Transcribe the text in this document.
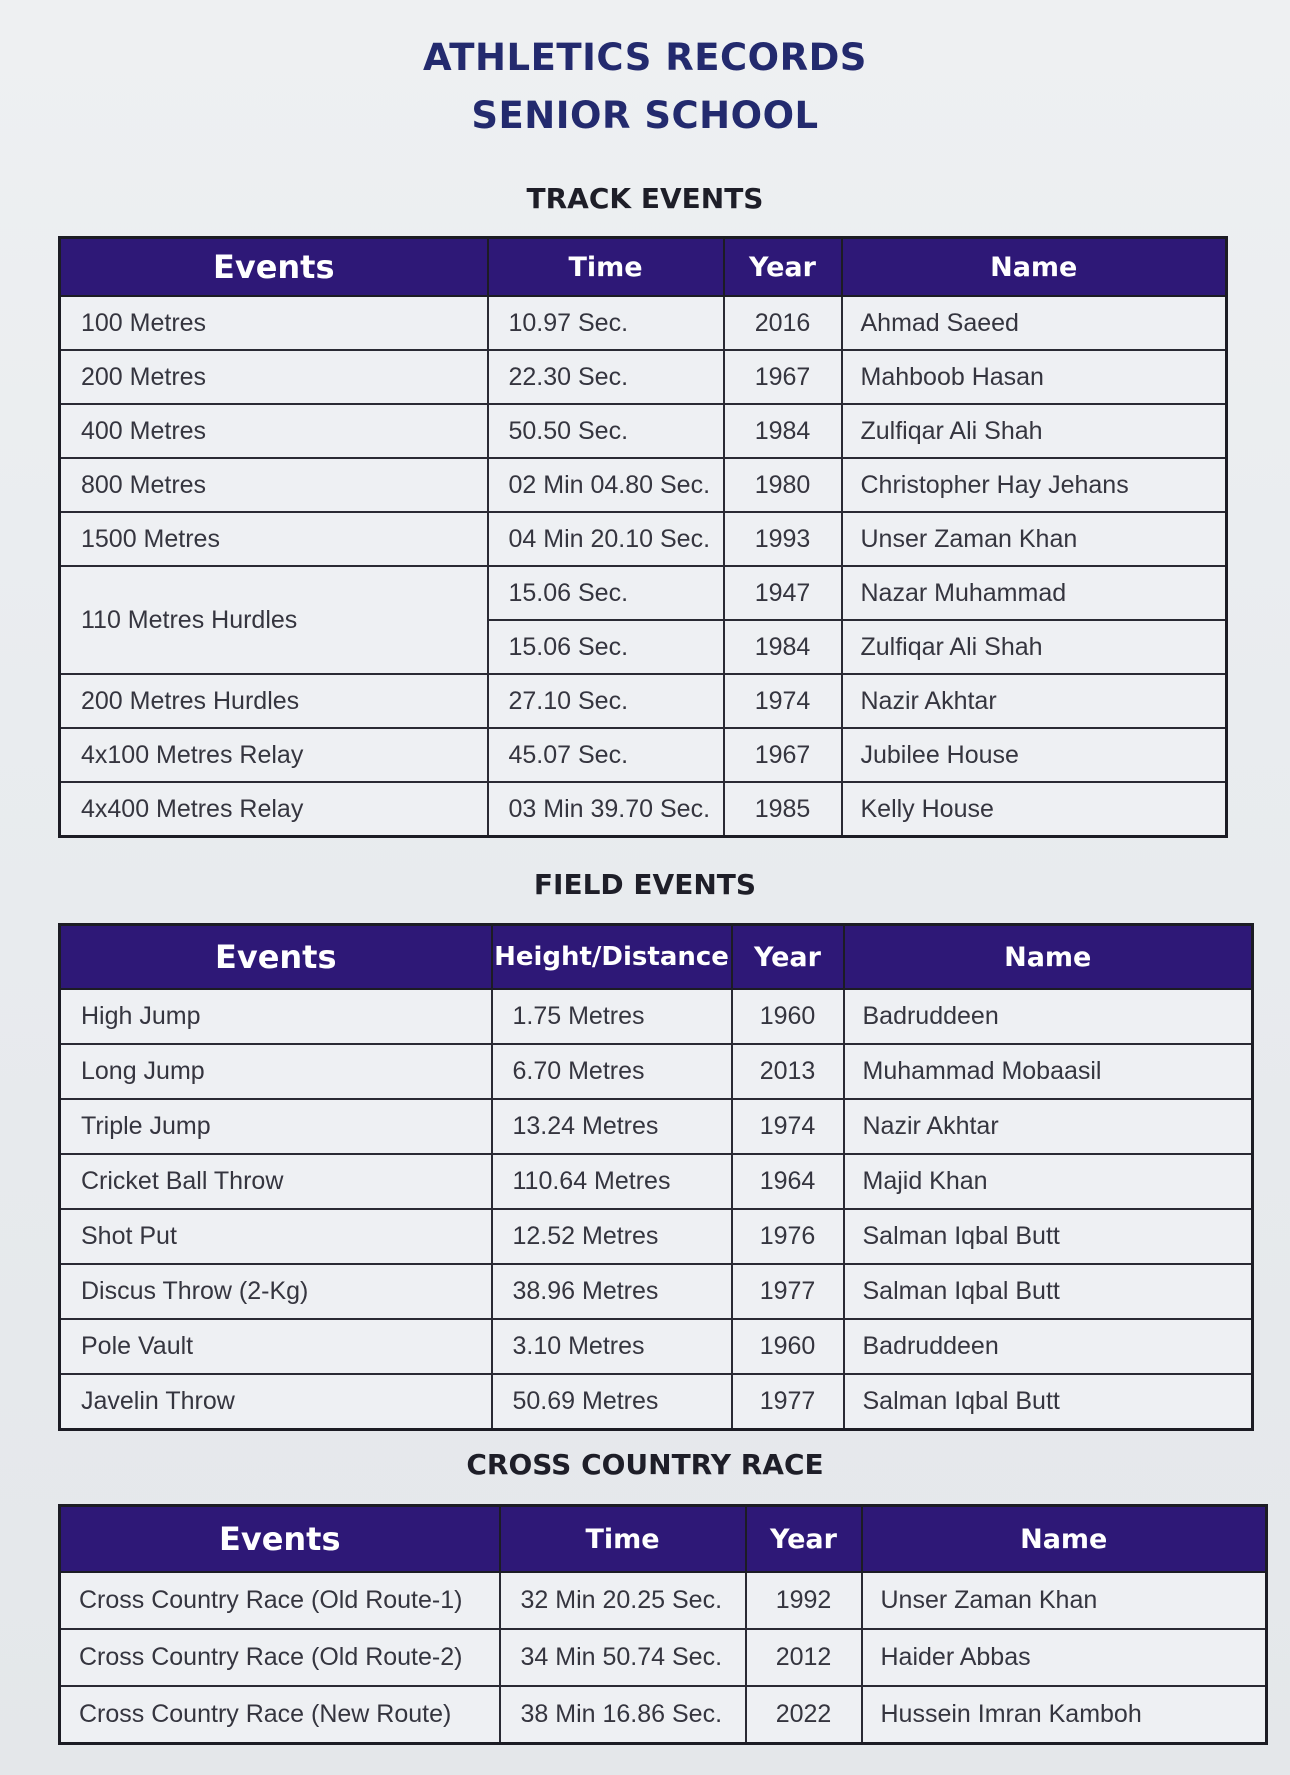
ATHLETICS RECORDS
SENIOR SCHOOL
TRACK EVENTS
Events	Time	Year	Name
100 Metres	10.97 Sec.	2016	Ahmad Saeed
200 Metres	22.30 Sec.	1967	Mahboob Hasan
400 Metres	50.50 Sec.	1984	Zulfiqar Ali Shah
800 Metres	02 Min 04.80 Sec.	1980	Christopher Hay Jehans
1500 Metres	04 Min 20.10 Sec.	1993	Unser Zaman Khan
110 Metres Hurdles	15.06 Sec.	1947	Nazar Muhammad
	15.06 Sec.	1984	Zulfiqar Ali Shah
200 Metres Hurdles	27.10 Sec.	1974	Nazir Akhtar
4x100 Metres Relay	45.07 Sec.	1967	Jubilee House
4x400 Metres Relay	03 Min 39.70 Sec.	1985	Kelly House
FIELD EVENTS
Events	Height/Distance	Year	Name
High Jump	1.75 Metres	1960	Badruddeen
Long Jump	6.70 Metres	2013	Muhammad Mobaasil
Triple Jump	13.24 Metres	1974	Nazir Akhtar
Cricket Ball Throw	110.64 Metres	1964	Majid Khan
Shot Put	12.52 Metres	1976	Salman Iqbal Butt
Discus Throw (2-Kg)	38.96 Metres	1977	Salman Iqbal Butt
Pole Vault	3.10 Metres	1960	Badruddeen
Javelin Throw	50.69 Metres	1977	Salman Iqbal Butt
CROSS COUNTRY RACE
Events	Time	Year	Name
Cross Country Race (Old Route-1)	32 Min 20.25 Sec.	1992	Unser Zaman Khan
Cross Country Race (Old Route-2)	34 Min 50.74 Sec.	2012	Haider Abbas
Cross Country Race (New Route)	38 Min 16.86 Sec.	2022	Hussein Imran Kamboh
